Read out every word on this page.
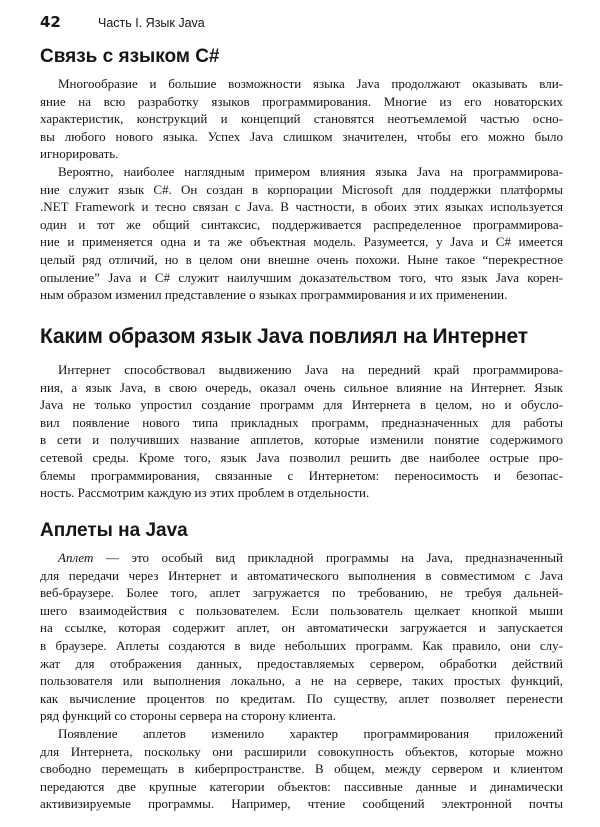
42	Часть I. Язык Java
Связь с языком C#
Многообразие и большие возможности языка Java продолжают оказывать вли-
яние на всю разработку языков программирования. Многие из его новаторских
характеристик, конструкций и концепций становятся неотъемлемой частью осно-
вы любого нового языка. Успех Java слишком значителен, чтобы его можно было
игнорировать.
Вероятно, наиболее наглядным примером влияния языка Java на программирова-
ние служит язык C#. Он создан в корпорации Microsoft для поддержки платформы
.NET Framework и тесно связан с Java. В частности, в обоих этих языках используется
один и тот же общий синтаксис, поддерживается распределенное программирова-
ние и применяется одна и та же объектная модель. Разумеется, у Java и C# имеется
целый ряд отличий, но в целом они внешне очень похожи. Ныне такое “перекрестное
опыление” Java и C# служит наилучшим доказательством того, что язык Java корен-
ным образом изменил представление о языках программирования и их применении.
Каким образом язык Java повлиял на Интернет
Интернет способствовал выдвижению Java на передний край программирова-
ния, а язык Java, в свою очередь, оказал очень сильное влияние на Интернет. Язык
Java не только упростил создание программ для Интернета в целом, но и обусло-
вил появление нового типа прикладных программ, предназначенных для работы
в сети и получивших название апплетов, которые изменили понятие содержимого
сетевой среды. Кроме того, язык Java позволил решить две наиболее острые про-
блемы программирования, связанные с Интернетом: переносимость и безопас-
ность. Рассмотрим каждую из этих проблем в отдельности.
Аплеты на Java
Аплет — это особый вид прикладной программы на Java, предназначенный
для передачи через Интернет и автоматического выполнения в совместимом с Java
веб-браузере. Более того, аплет загружается по требованию, не требуя дальней-
шего взаимодействия с пользователем. Если пользователь щелкает кнопкой мыши
на ссылке, которая содержит аплет, он автоматически загружается и запускается
в браузере. Аплеты создаются в виде небольших программ. Как правило, они слу-
жат для отображения данных, предоставляемых сервером, обработки действий
пользователя или выполнения локально, а не на сервере, таких простых функций,
как вычисление процентов по кредитам. По существу, аплет позволяет перенести
ряд функций со стороны сервера на сторону клиента.
Появление аплетов изменило характер программирования приложений
для Интернета, поскольку они расширили совокупность объектов, которые можно
свободно перемещать в киберпространстве. В общем, между сервером и клиентом
передаются две крупные категории объектов: пассивные данные и динамически
активизируемые программы. Например, чтение сообщений электронной почты
